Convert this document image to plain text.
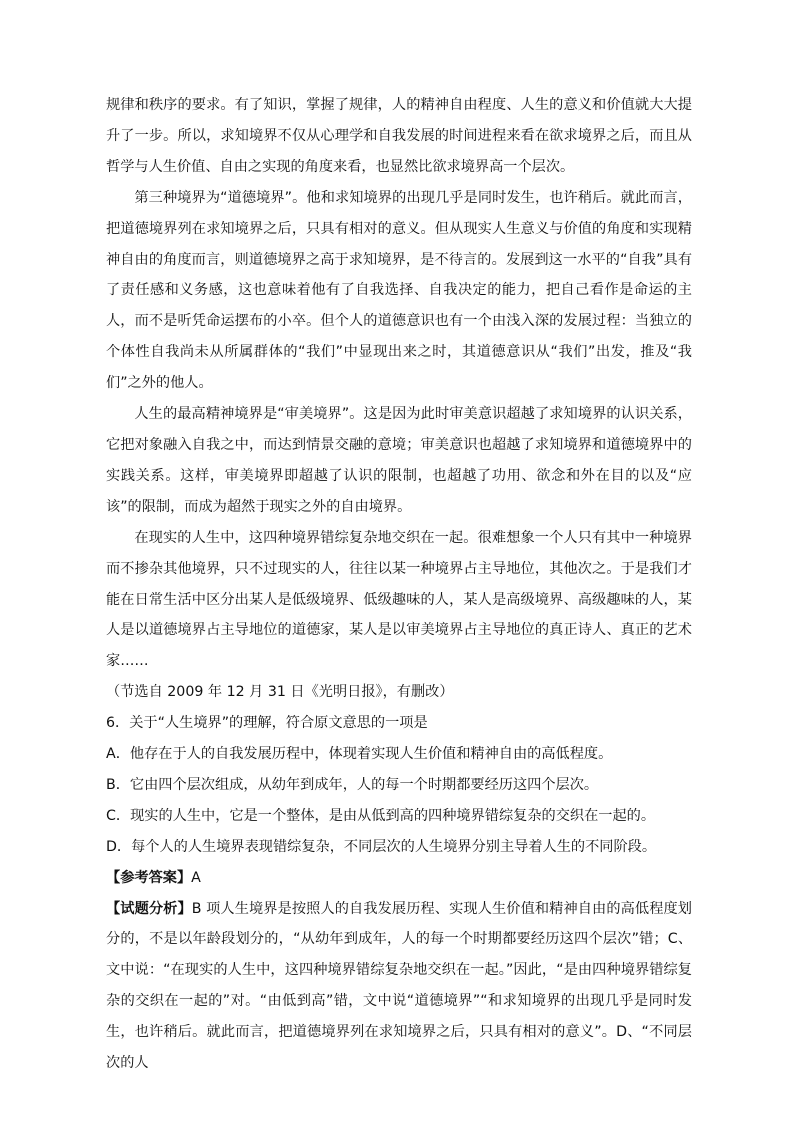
规律和秩序的要求。有了知识，掌握了规律，人的精神自由程度、人生的意义和价值就大大提升了一步。所以，求知境界不仅从心理学和自我发展的时间进程来看在欲求境界之后，而且从哲学与人生价值、自由之实现的角度来看，也显然比欲求境界高一个层次。

第三种境界为“道德境界”。他和求知境界的出现几乎是同时发生，也许稍后。就此而言，把道德境界列在求知境界之后，只具有相对的意义。但从现实人生意义与价值的角度和实现精神自由的角度而言，则道德境界之高于求知境界，是不待言的。发展到这一水平的“自我”具有了责任感和义务感，这也意味着他有了自我选择、自我决定的能力，把自己看作是命运的主人，而不是听凭命运摆布的小卒。但个人的道德意识也有一个由浅入深的发展过程：当独立的个体性自我尚未从所属群体的“我们”中显现出来之时，其道德意识从“我们”出发，推及“我们”之外的他人。

人生的最高精神境界是“审美境界”。这是因为此时审美意识超越了求知境界的认识关系，它把对象融入自我之中，而达到情景交融的意境；审美意识也超越了求知境界和道德境界中的实践关系。这样，审美境界即超越了认识的限制，也超越了功用、欲念和外在目的以及“应该”的限制，而成为超然于现实之外的自由境界。

在现实的人生中，这四种境界错综复杂地交织在一起。很难想象一个人只有其中一种境界而不掺杂其他境界，只不过现实的人，往往以某一种境界占主导地位，其他次之。于是我们才能在日常生活中区分出某人是低级境界、低级趣味的人，某人是高级境界、高级趣味的人，某人是以道德境界占主导地位的道德家，某人是以审美境界占主导地位的真正诗人、真正的艺术家……

（节选自 2009 年 12 月 31 日《光明日报》，有删改）

6．关于“人生境界”的理解，符合原文意思的一项是

A．他存在于人的自我发展历程中，体现着实现人生价值和精神自由的高低程度。

B．它由四个层次组成，从幼年到成年，人的每一个时期都要经历这四个层次。

C．现实的人生中，它是一个整体，是由从低到高的四种境界错综复杂的交织在一起的。

D．每个人的人生境界表现错综复杂，不同层次的人生境界分别主导着人生的不同阶段。

【参考答案】A

【试题分析】B 项人生境界是按照人的自我发展历程、实现人生价值和精神自由的高低程度划分的，不是以年龄段划分的，“从幼年到成年，人的每一个时期都要经历这四个层次”错；C、文中说：“在现实的人生中，这四种境界错综复杂地交织在一起。”因此，“是由四种境界错综复杂的交织在一起的”对。“由低到高”错，文中说“道德境界”“和求知境界的出现几乎是同时发 生，也许稍后。就此而言，把道德境界列在求知境界之后，只具有相对的意义”。D、“不同层次的人
